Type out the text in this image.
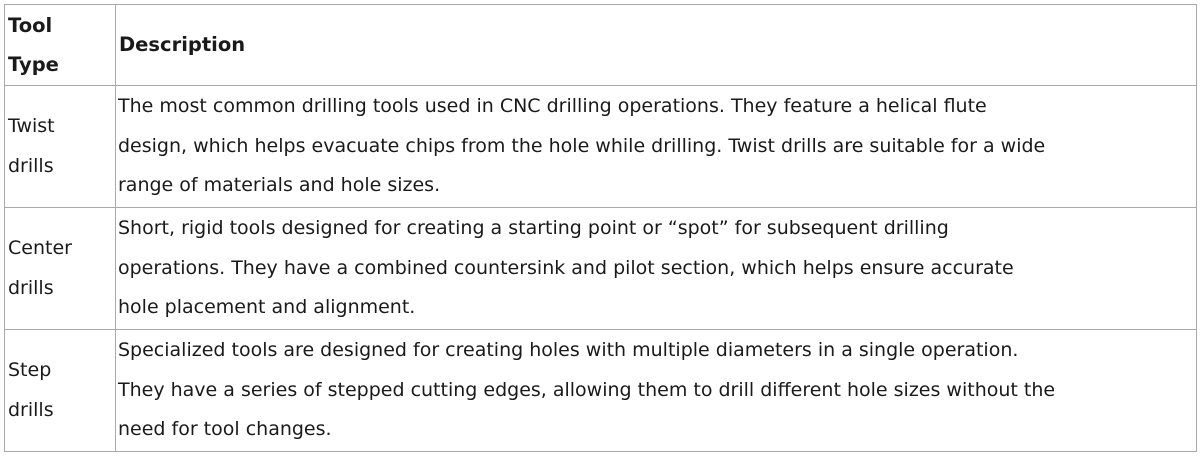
Tool
Type	Description

Twist
drills	The most common drilling tools used in CNC drilling operations. They feature a helical flute
design, which helps evacuate chips from the hole while drilling. Twist drills are suitable for a wide
range of materials and hole sizes.

Center
drills	Short, rigid tools designed for creating a starting point or “spot” for subsequent drilling
operations. They have a combined countersink and pilot section, which helps ensure accurate
hole placement and alignment.

Step
drills	Specialized tools are designed for creating holes with multiple diameters in a single operation.
They have a series of stepped cutting edges, allowing them to drill different hole sizes without the
need for tool changes.
